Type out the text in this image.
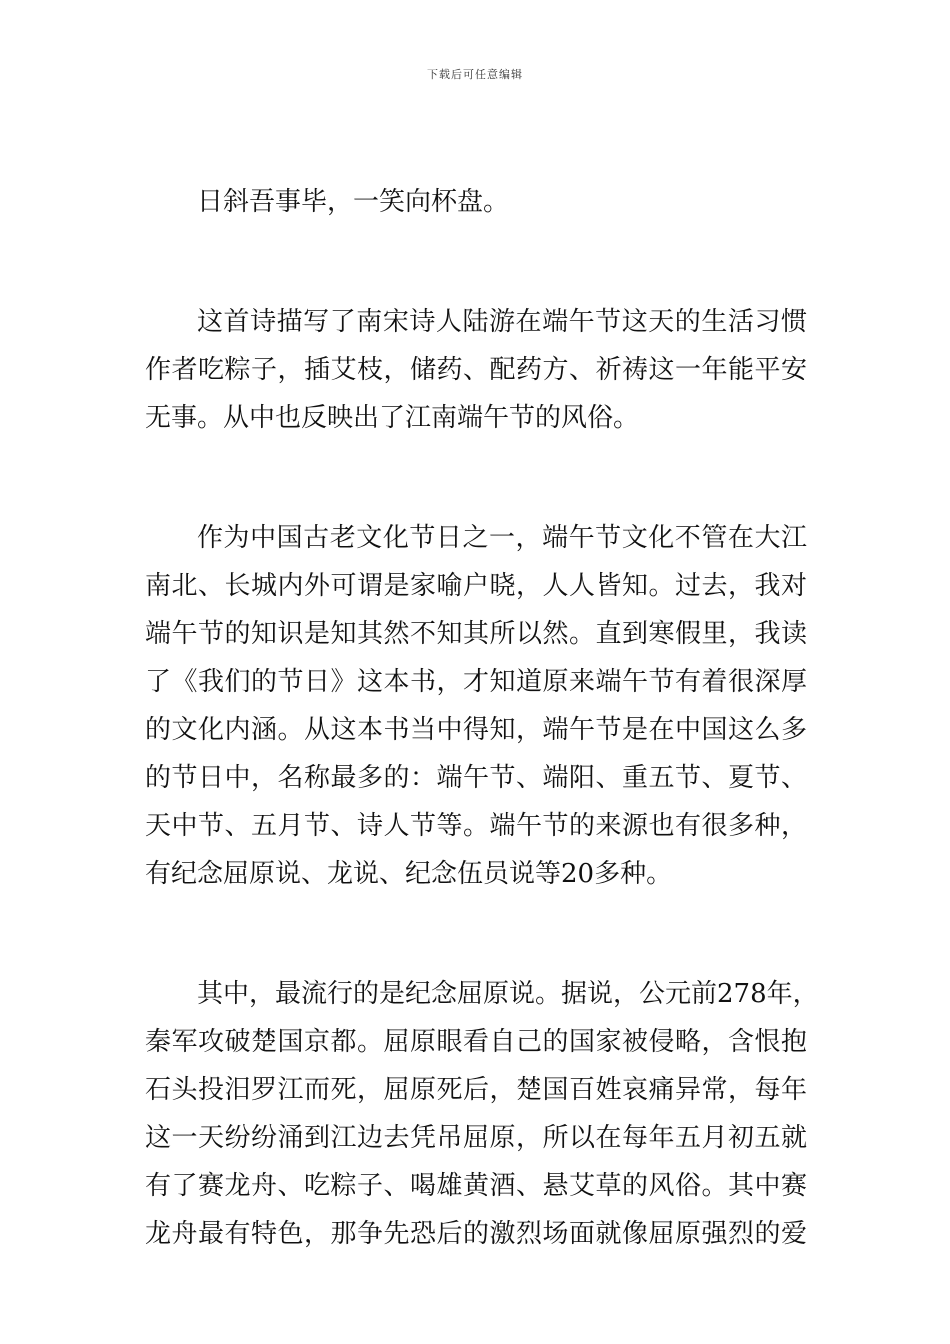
下载后可任意编辑
日斜吾事毕，一笑向杯盘。
这首诗描写了南宋诗人陆游在端午节这天的生活习惯
作者吃粽子，插艾枝，储药、配药方、祈祷这一年能平安
无事。从中也反映出了江南端午节的风俗。
作为中国古老文化节日之一，端午节文化不管在大江
南北、长城内外可谓是家喻户晓，人人皆知。过去，我对
端午节的知识是知其然不知其所以然。直到寒假里，我读
了《我们的节日》这本书，才知道原来端午节有着很深厚
的文化内涵。从这本书当中得知，端午节是在中国这么多
的节日中，名称最多的：端午节、端阳、重五节、夏节、
天中节、五月节、诗人节等。端午节的来源也有很多种，
有纪念屈原说、龙说、纪念伍员说等20多种。
其中，最流行的是纪念屈原说。据说，公元前278年，
秦军攻破楚国京都。屈原眼看自己的国家被侵略，含恨抱
石头投汨罗江而死，屈原死后，楚国百姓哀痛异常，每年
这一天纷纷涌到江边去凭吊屈原，所以在每年五月初五就
有了赛龙舟、吃粽子、喝雄黄酒、悬艾草的风俗。其中赛
龙舟最有特色，那争先恐后的激烈场面就像屈原强烈的爱
